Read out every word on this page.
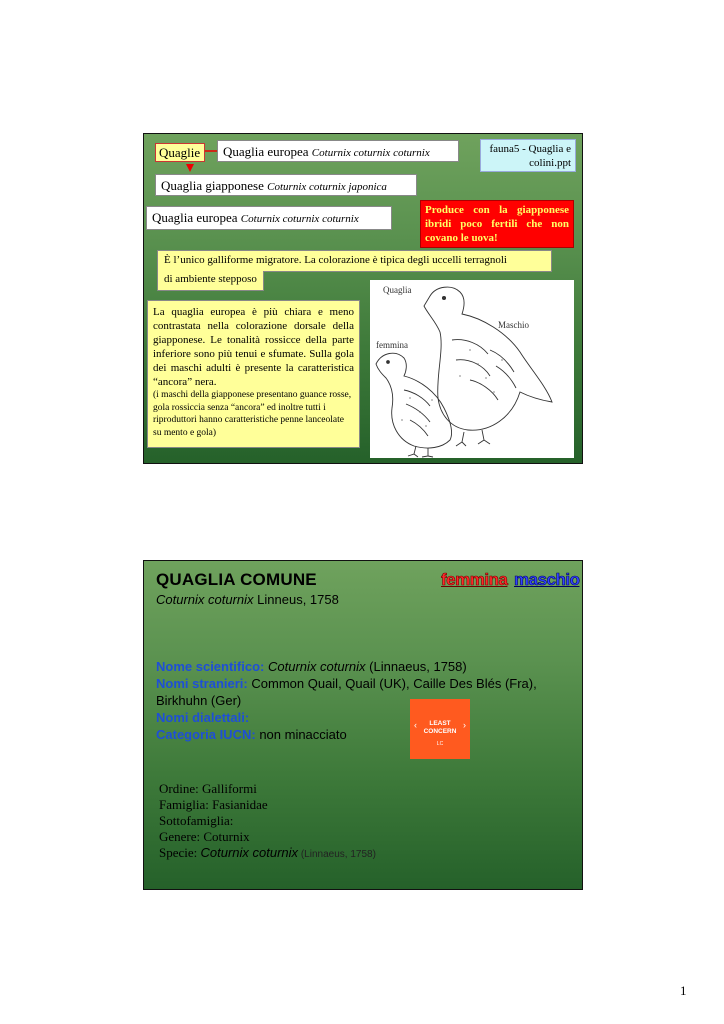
Quaglie	Quaglia europea Coturnix coturnix coturnix	fauna5 - Quaglia e colini.ppt
Quaglia giapponese Coturnix coturnix japonica
Quaglia europea Coturnix coturnix coturnix
Produce con la giapponese ibridi poco fertili che non covano le uova!
È l’unico galliforme migratore. La colorazione è tipica degli uccelli terragnoli
di ambiente stepposo
La quaglia europea è più chiara e meno contrastata nella colorazione dorsale della giapponese. Le tonalità rossicce della parte inferiore sono più tenui e sfumate. Sulla gola dei maschi adulti è presente la caratteristica “ancora” nera.
(i maschi della giapponese presentano guance rosse, gola rossiccia senza “ancora” ed inoltre tutti i riproduttori hanno caratteristiche penne lanceolate su mento e gola)
Quaglia
Maschio
femmina
QUAGLIA COMUNE
Coturnix coturnix Linneus, 1758
femmina maschio
Nome scientifico: Coturnix coturnix (Linnaeus, 1758)
Nomi stranieri: Common Quail, Quail (UK), Caille Des Blés (Fra), Birkhuhn (Ger)
Nomi dialettali:
Categoria IUCN: non minacciato
‹	›
LEAST
CONCERN
LC
Ordine: Galliformi
Famiglia: Fasianidae
Sottofamiglia:
Genere: Coturnix
Specie: Coturnix coturnix (Linnaeus, 1758)
1
